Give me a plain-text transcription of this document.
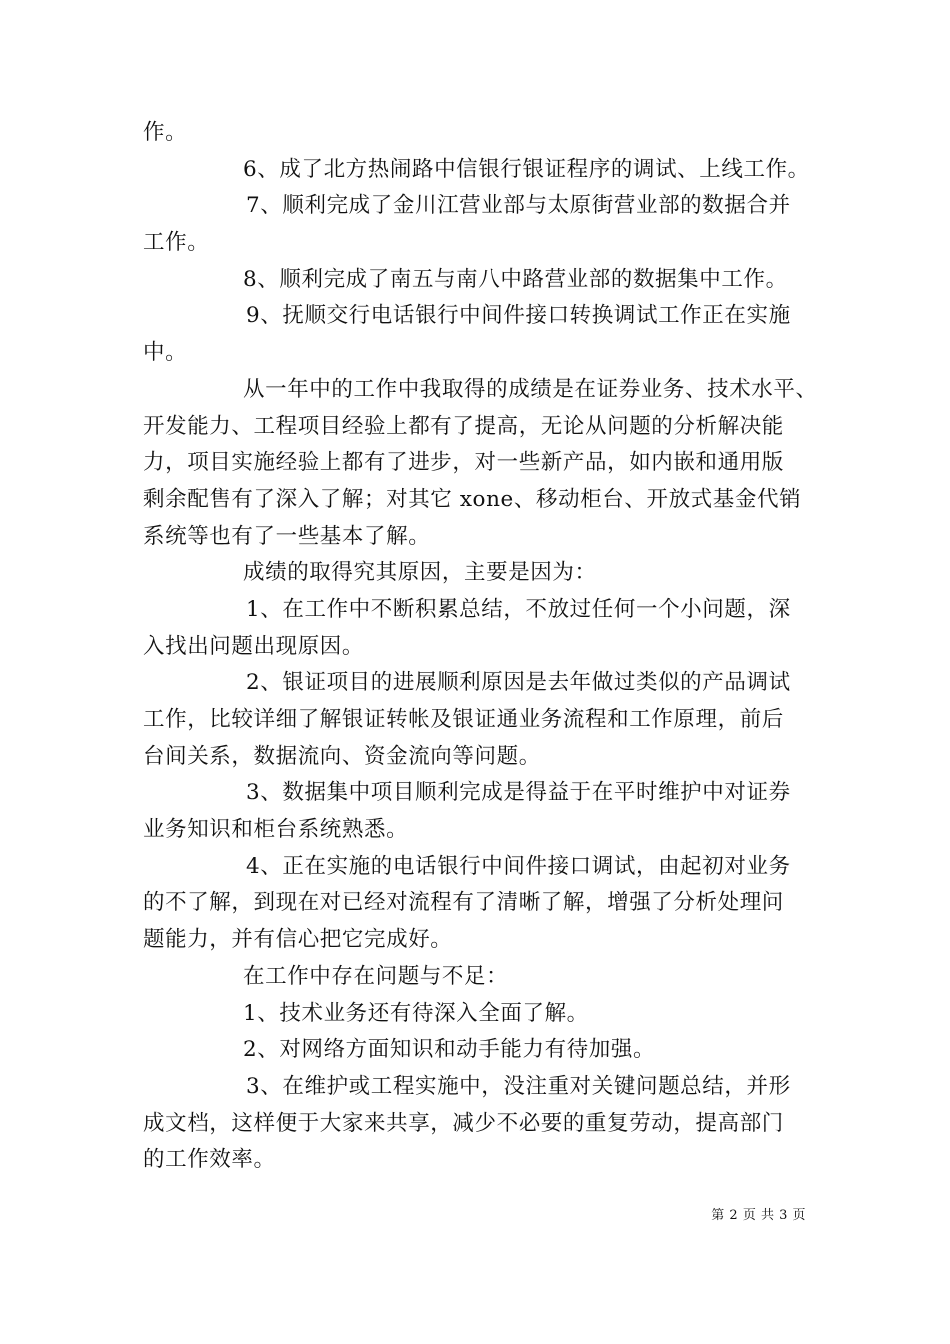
作。
6、成了北方热闹路中信银行银证程序的调试、上线工作。
7、顺利完成了金川江营业部与太原街营业部的数据合并
工作。
8、顺利完成了南五与南八中路营业部的数据集中工作。
9、抚顺交行电话银行中间件接口转换调试工作正在实施
中。
从一年中的工作中我取得的成绩是在证券业务、技术水平、
开发能力、工程项目经验上都有了提高，无论从问题的分析解决能
力，项目实施经验上都有了进步，对一些新产品，如内嵌和通用版
剩余配售有了深入了解；对其它 xone、移动柜台、开放式基金代销
系统等也有了一些基本了解。
成绩的取得究其原因，主要是因为：
1、在工作中不断积累总结，不放过任何一个小问题，深
入找出问题出现原因。
2、银证项目的进展顺利原因是去年做过类似的产品调试
工作，比较详细了解银证转帐及银证通业务流程和工作原理，前后
台间关系，数据流向、资金流向等问题。
3、数据集中项目顺利完成是得益于在平时维护中对证券
业务知识和柜台系统熟悉。
4、正在实施的电话银行中间件接口调试，由起初对业务
的不了解，到现在对已经对流程有了清晰了解，增强了分析处理问
题能力，并有信心把它完成好。
在工作中存在问题与不足：
1、技术业务还有待深入全面了解。
2、对网络方面知识和动手能力有待加强。
3、在维护或工程实施中，没注重对关键问题总结，并形
成文档，这样便于大家来共享，减少不必要的重复劳动，提高部门
的工作效率。
第 2 页 共 3 页
